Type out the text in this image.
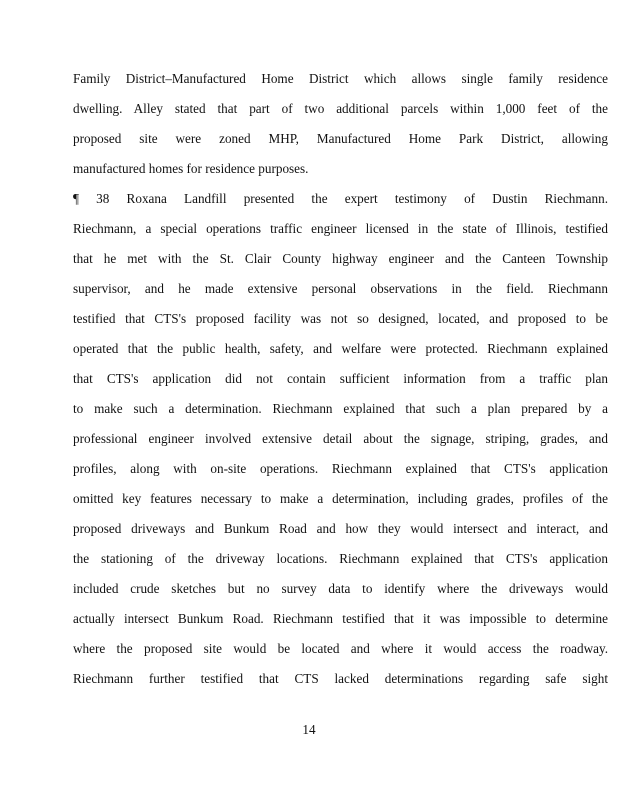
Family District–Manufactured Home District which allows single family residence
dwelling. Alley stated that part of two additional parcels within 1,000 feet of the
proposed site were zoned MHP, Manufactured Home Park District, allowing
manufactured homes for residence purposes.
¶ 38 Roxana Landfill presented the expert testimony of Dustin Riechmann.
Riechmann, a special operations traffic engineer licensed in the state of Illinois, testified
that he met with the St. Clair County highway engineer and the Canteen Township
supervisor, and he made extensive personal observations in the field. Riechmann
testified that CTS's proposed facility was not so designed, located, and proposed to be
operated that the public health, safety, and welfare were protected. Riechmann explained
that CTS's application did not contain sufficient information from a traffic plan
to make such a determination. Riechmann explained that such a plan prepared by a
professional engineer involved extensive detail about the signage, striping, grades, and
profiles, along with on-site operations. Riechmann explained that CTS's application
omitted key features necessary to make a determination, including grades, profiles of the
proposed driveways and Bunkum Road and how they would intersect and interact, and
the stationing of the driveway locations. Riechmann explained that CTS's application
included crude sketches but no survey data to identify where the driveways would
actually intersect Bunkum Road. Riechmann testified that it was impossible to determine
where the proposed site would be located and where it would access the roadway.
Riechmann further testified that CTS lacked determinations regarding safe sight
14
